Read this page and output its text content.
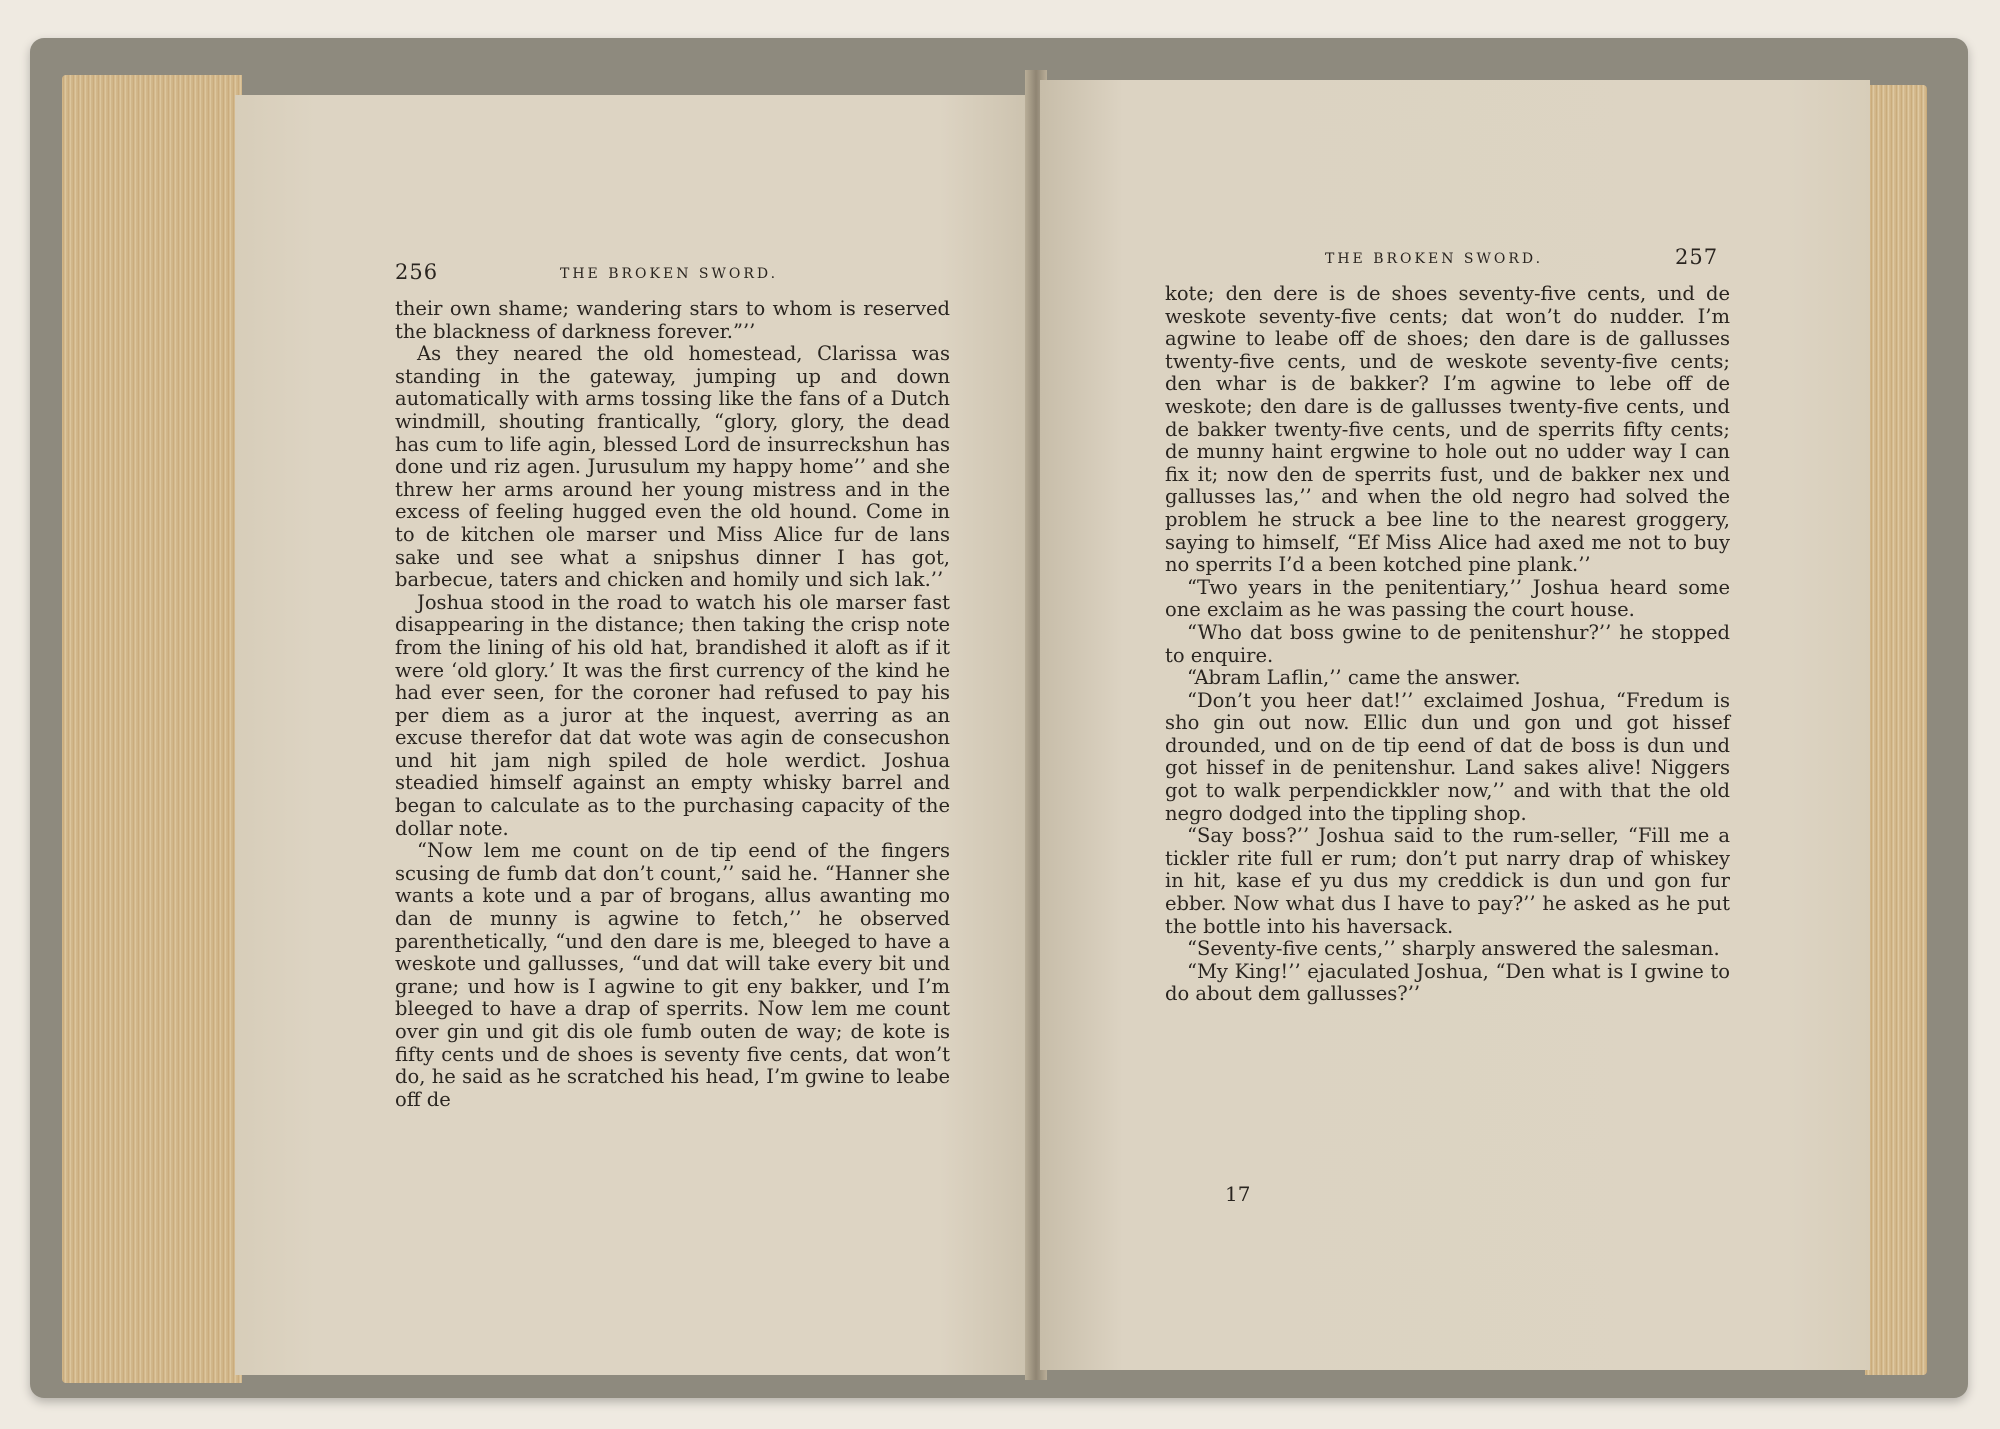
256	THE BROKEN SWORD.

their own shame; wandering stars to whom is reserved the blackness of darkness forever.”’’

As they neared the old homestead, Clarissa was standing in the gateway, jumping up and down automatically with arms tossing like the fans of a Dutch windmill, shouting frantically, “glory, glory, the dead has cum to life agin, blessed Lord de insurreckshun has done und riz agen. Jurusulum my happy home’’ and she threw her arms around her young mistress and in the excess of feeling hugged even the old hound. Come in to de kitchen ole marser und Miss Alice fur de lans sake und see what a snipshus dinner I has got, barbecue, taters and chicken and homily und sich lak.’’

Joshua stood in the road to watch his ole marser fast disappearing in the distance; then taking the crisp note from the lining of his old hat, brandished it aloft as if it were ‘old glory.’ It was the first currency of the kind he had ever seen, for the coroner had refused to pay his per diem as a juror at the inquest, averring as an excuse therefor dat dat wote was agin de consecushon und hit jam nigh spiled de hole werdict. Joshua steadied himself against an empty whisky barrel and began to calculate as to the purchasing capacity of the dollar note.

“Now lem me count on de tip eend of the fingers scusing de fumb dat don’t count,’’ said he. “Hanner she wants a kote und a par of brogans, allus awanting mo dan de munny is agwine to fetch,’’ he observed parenthetically, “und den dare is me, bleeged to have a weskote und gallusses, “und dat will take every bit und grane; und how is I agwine to git eny bakker, und I’m bleeged to have a drap of sperrits. Now lem me count over gin und git dis ole fumb outen de way; de kote is fifty cents und de shoes is seventy five cents, dat won’t do, he said as he scratched his head, I’m gwine to leabe off de

THE BROKEN SWORD.	257

kote; den dere is de shoes seventy-five cents, und de weskote seventy-five cents; dat won’t do nudder. I’m agwine to leabe off de shoes; den dare is de gallusses twenty-five cents, und de weskote seventy-five cents; den whar is de bakker? I’m agwine to lebe off de weskote; den dare is de gallusses twenty-five cents, und de bakker twenty-five cents, und de sperrits fifty cents; de munny haint ergwine to hole out no udder way I can fix it; now den de sperrits fust, und de bakker nex und gallusses las,’’ and when the old negro had solved the problem he struck a bee line to the nearest groggery, saying to himself, “Ef Miss Alice had axed me not to buy no sperrits I’d a been kotched pine plank.’’

“Two years in the penitentiary,’’ Joshua heard some one exclaim as he was passing the court house.

“Who dat boss gwine to de penitenshur?’’ he stopped to enquire.

“Abram Laflin,’’ came the answer.

“Don’t you heer dat!’’ exclaimed Joshua, “Fredum is sho gin out now. Ellic dun und gon und got hissef drounded, und on de tip eend of dat de boss is dun und got hissef in de penitenshur. Land sakes alive! Niggers got to walk perpendickkler now,’’ and with that the old negro dodged into the tippling shop.

“Say boss?’’ Joshua said to the rum-seller, “Fill me a tickler rite full er rum; don’t put narry drap of whiskey in hit, kase ef yu dus my creddick is dun und gon fur ebber. Now what dus I have to pay?’’ he asked as he put the bottle into his haversack.

“Seventy-five cents,’’ sharply answered the salesman.

“My King!’’ ejaculated Joshua, “Den what is I gwine to do about dem gallusses?’’

17
